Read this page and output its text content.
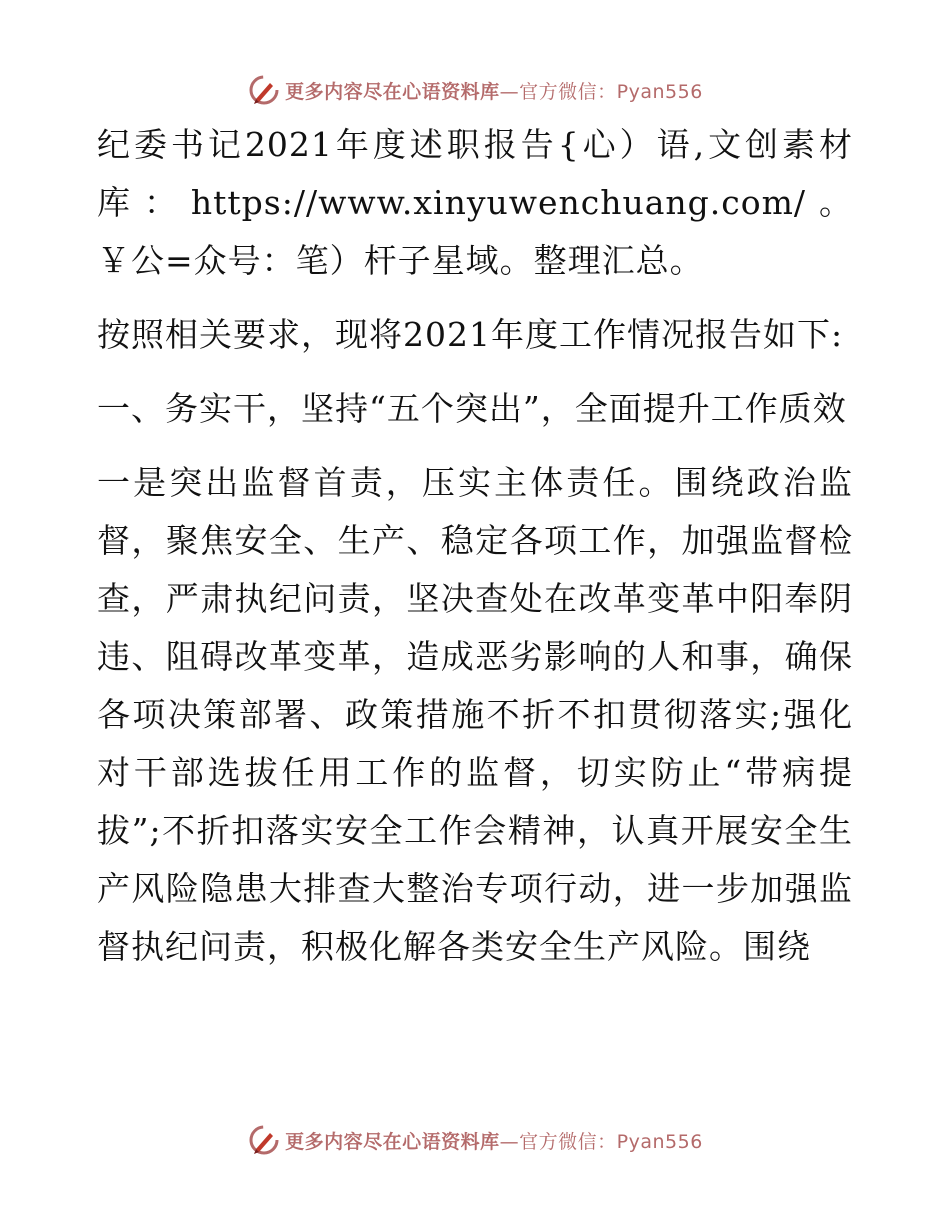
更多内容尽在心语资料库 —官方微信：Pyan556

纪委书记2021年度述职报告{心）语,文创素材库：https://www.xinyuwenchuang.com/。￥公=众号：笔）杆子星域。整理汇总。

按照相关要求，现将2021年度工作情况报告如下:

一、务实干，坚持“五个突出”，全面提升工作质效

一是突出监督首责，压实主体责任。围绕政治监督，聚焦安全、生产、稳定各项工作，加强监督检查，严肃执纪问责，坚决查处在改革变革中阳奉阴违、阻碍改革变革，造成恶劣影响的人和事，确保各项决策部署、政策措施不折不扣贯彻落实;强化对干部选拔任用工作的监督，切实防止“带病提拔”;不折扣落实安全工作会精神，认真开展安全生产风险隐患大排查大整治专项行动，进一步加强监督执纪问责，积极化解各类安全生产风险。围绕

更多内容尽在心语资料库 —官方微信：Pyan556
